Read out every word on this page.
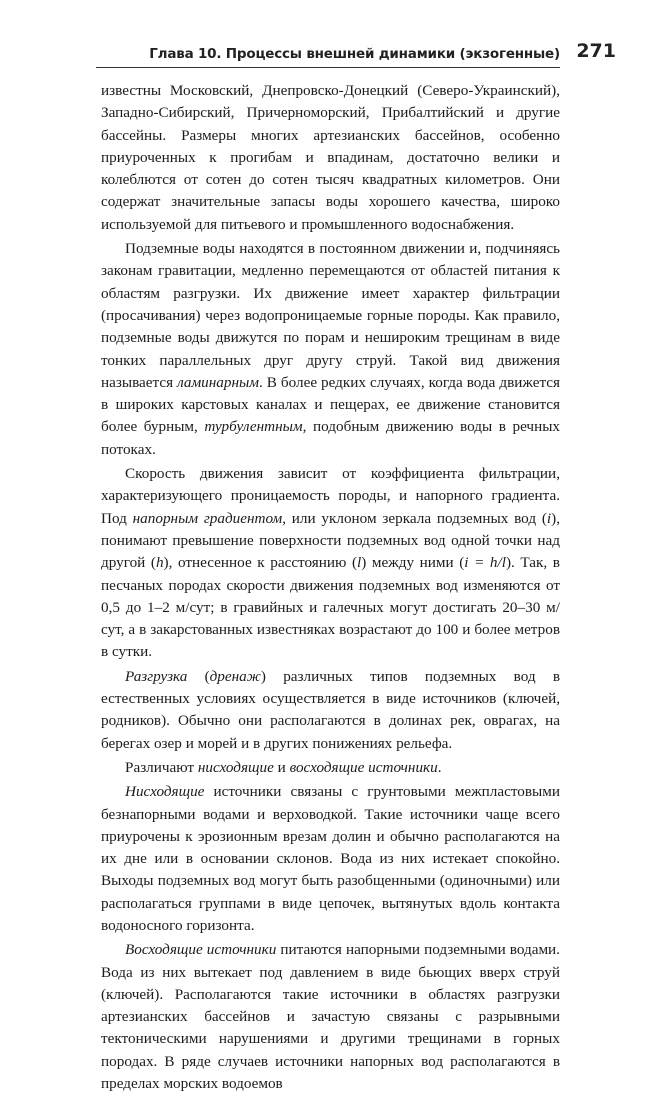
Глава 10. Процессы внешней динамики (экзогенные) 271

известны Московский, Днепровско-Донецкий (Северо-Украинский), Западно-Сибирский, Причерноморский, Прибалтийский и другие бассейны. Размеры многих артезианских бассейнов, особенно приуроченных к прогибам и впадинам, достаточно велики и колеблются от сотен до сотен тысяч квадратных километров. Они содержат значительные запасы воды хорошего качества, широко используемой для питьевого и промышленного водоснабжения.

Подземные воды находятся в постоянном движении и, подчиняясь законам гравитации, медленно перемещаются от областей питания к областям разгрузки. Их движение имеет характер фильтрации (просачивания) через водопроницаемые горные породы. Как правило, подземные воды движутся по порам и неширoким трещинам в виде тонких параллельных друг другу струй. Такой вид движения называется ламинарным. В более редких случаях, когда вода движется в широких карстовых каналах и пещерах, ее движение становится более бурным, турбулентным, подобным движению воды в речных потоках.

Скорость движения зависит от коэффициента фильтрации, характеризующего проницаемость породы, и напорного градиента. Под напорным градиентом, или уклоном зеркала подземных вод (i), понимают превышение поверхности подземных вод одной точки над другой (h), отнесенное к расстоянию (l) между ними (i = h/l). Так, в песчаных породах скорости движения подземных вод изменяются от 0,5 до 1–2 м/сут; в гравийных и галечных могут достигать 20–30 м/сут, а в закарстованных известняках возрастают до 100 и более метров в сутки.

Разгрузка (дренаж) различных типов подземных вод в естественных условиях осуществляется в виде источников (ключей, родников). Обычно они располагаются в долинах рек, оврагах, на берегах озер и морей и в других понижениях рельефа.

Различают нисходящие и восходящие источники.

Нисходящие источники связаны с грунтовыми межпластовыми безнапорными водами и верховодкой. Такие источники чаще всего приурочены к эрозионным врезам долин и обычно располагаются на их дне или в основании склонов. Вода из них истекает спокойно. Выходы подземных вод могут быть разобщенными (одиночными) или располагаться группами в виде цепочек, вытянутых вдоль контакта водоносного горизонта.

Восходящие источники питаются напорными подземными водами. Вода из них вытекает под давлением в виде бьющих вверх струй (ключей). Располагаются такие источники в областях разгрузки артезианских бассейнов и зачастую связаны с разрывными тектоническими нарушениями и другими трещинами в горных породах. В ряде случаев источники напорных вод располагаются в пределах морских водоемов
